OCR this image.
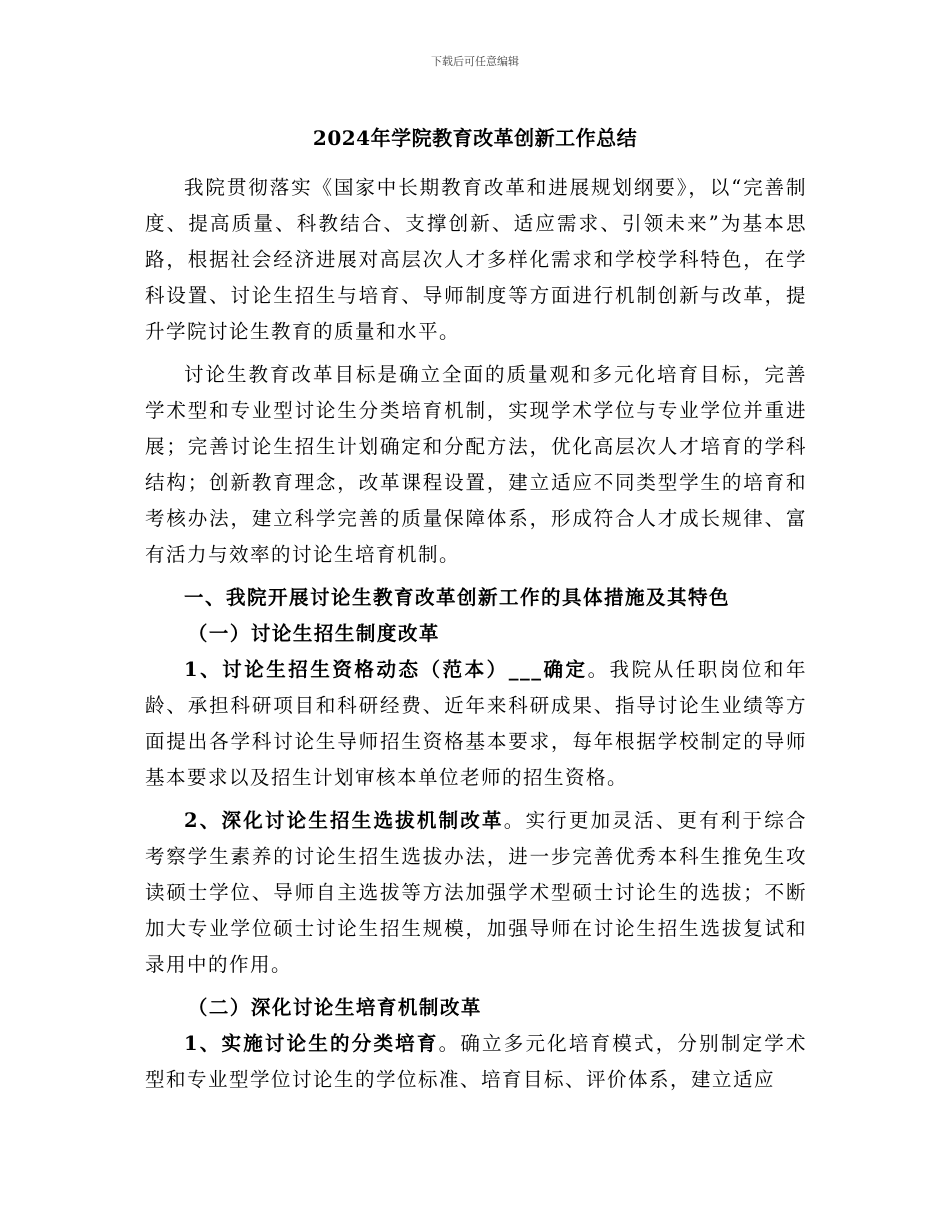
下载后可任意编辑
2024年学院教育改革创新工作总结

我院贯彻落实《国家中长期教育改革和进展规划纲要》，以“完善制度、提高质量、科教结合、支撑创新、适应需求、引领未来”为基本思路，根据社会经济进展对高层次人才多样化需求和学校学科特色，在学科设置、讨论生招生与培育、导师制度等方面进行机制创新与改革，提升学院讨论生教育的质量和水平。

讨论生教育改革目标是确立全面的质量观和多元化培育目标，完善学术型和专业型讨论生分类培育机制，实现学术学位与专业学位并重进展；完善讨论生招生计划确定和分配方法，优化高层次人才培育的学科结构；创新教育理念，改革课程设置，建立适应不同类型学生的培育和考核办法，建立科学完善的质量保障体系，形成符合人才成长规律、富有活力与效率的讨论生培育机制。

一、我院开展讨论生教育改革创新工作的具体措施及其特色

（一）讨论生招生制度改革

1、讨论生招生资格动态（范本）___确定。我院从任职岗位和年龄、承担科研项目和科研经费、近年来科研成果、指导讨论生业绩等方面提出各学科讨论生导师招生资格基本要求，每年根据学校制定的导师基本要求以及招生计划审核本单位老师的招生资格。

2、深化讨论生招生选拔机制改革。实行更加灵活、更有利于综合考察学生素养的讨论生招生选拔办法，进一步完善优秀本科生推免生攻读硕士学位、导师自主选拔等方法加强学术型硕士讨论生的选拔；不断加大专业学位硕士讨论生招生规模，加强导师在讨论生招生选拔复试和录用中的作用。

（二）深化讨论生培育机制改革

1、实施讨论生的分类培育。确立多元化培育模式，分别制定学术型和专业型学位讨论生的学位标准、培育目标、评价体系，建立适应
